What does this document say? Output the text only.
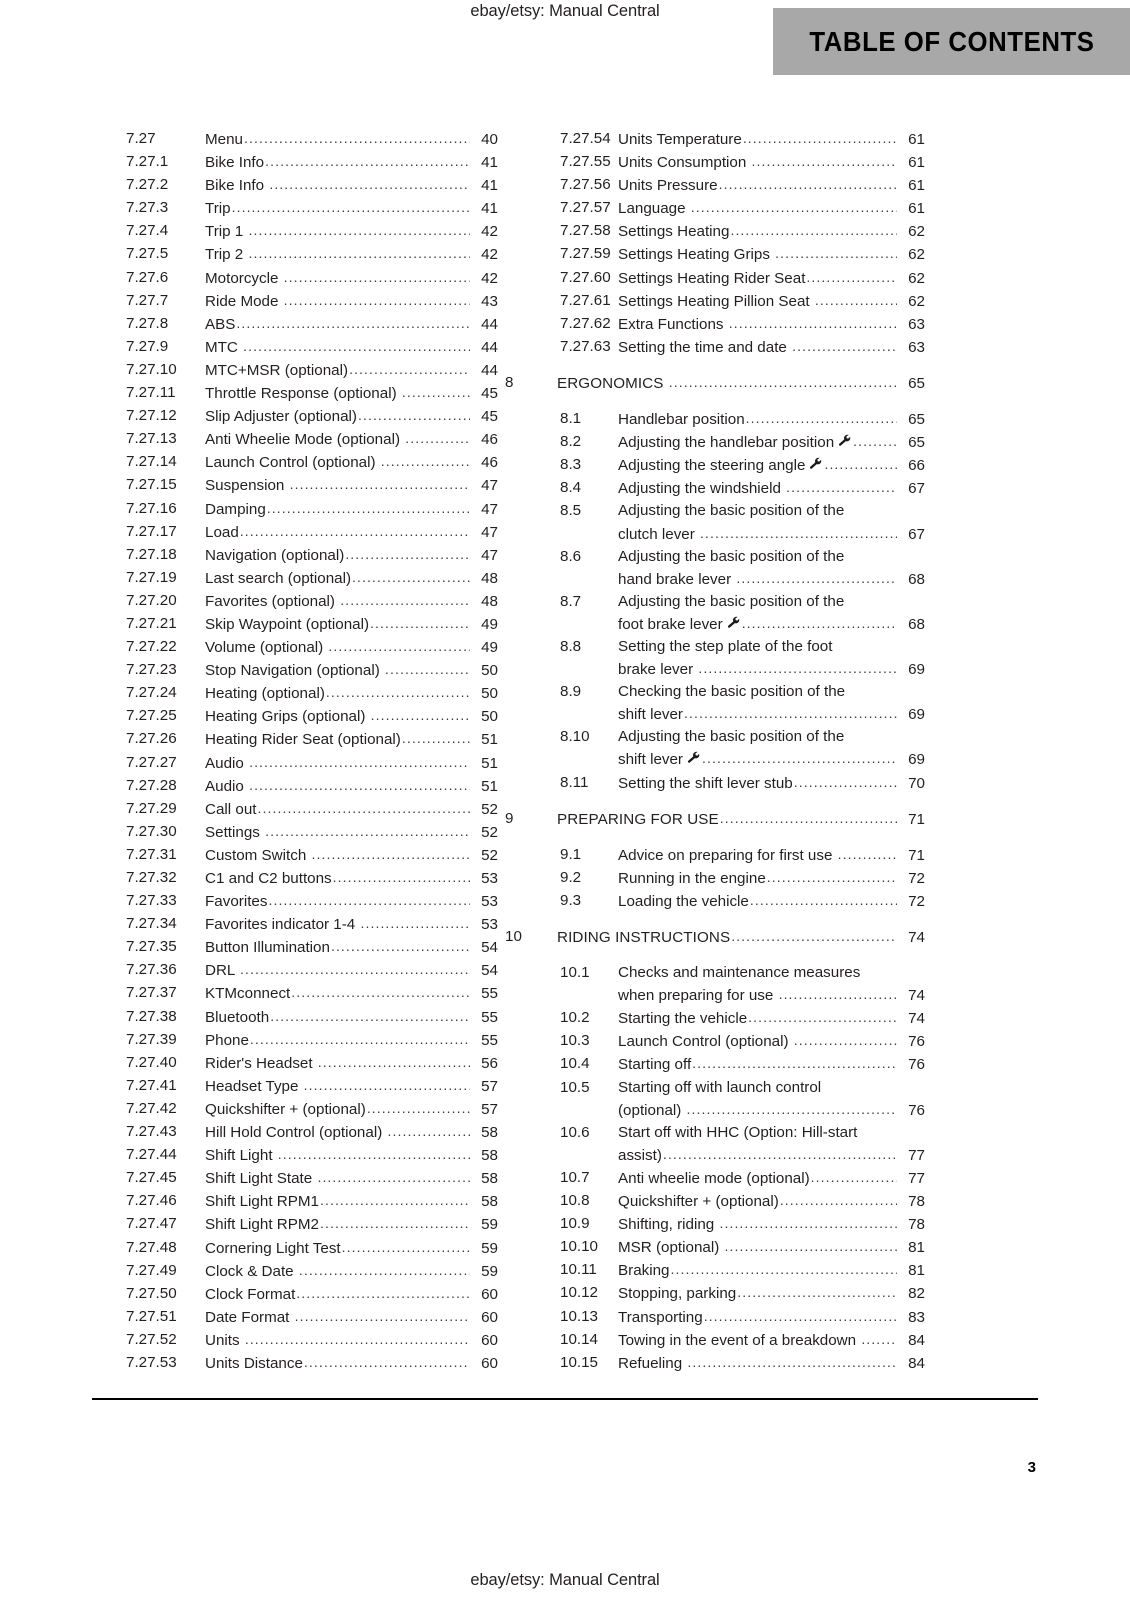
ebay/etsy: Manual Central
TABLE OF CONTENTS
7.27	Menu .....	40
7.27.1	Bike Info .....	41
7.27.2	Bike Info .....	41
7.27.3	Trip .....	41
7.27.4	Trip 1 .....	42
7.27.5	Trip 2 .....	42
7.27.6	Motorcycle .....	42
7.27.7	Ride Mode .....	43
7.27.8	ABS .....	44
7.27.9	MTC .....	44
7.27.10	MTC+MSR (optional) .....	44
7.27.11	Throttle Response (optional) .....	45
7.27.12	Slip Adjuster (optional) .....	45
7.27.13	Anti Wheelie Mode (optional) .....	46
7.27.14	Launch Control (optional) .....	46
7.27.15	Suspension .....	47
7.27.16	Damping .....	47
7.27.17	Load .....	47
7.27.18	Navigation (optional) .....	47
7.27.19	Last search (optional) .....	48
7.27.20	Favorites (optional) .....	48
7.27.21	Skip Waypoint (optional) .....	49
7.27.22	Volume (optional) .....	49
7.27.23	Stop Navigation (optional) .....	50
7.27.24	Heating (optional) .....	50
7.27.25	Heating Grips (optional) .....	50
7.27.26	Heating Rider Seat (optional) .....	51
7.27.27	Audio .....	51
7.27.28	Audio .....	51
7.27.29	Call out .....	52
7.27.30	Settings .....	52
7.27.31	Custom Switch .....	52
7.27.32	C1 and C2 buttons .....	53
7.27.33	Favorites .....	53
7.27.34	Favorites indicator 1-4 .....	53
7.27.35	Button Illumination .....	54
7.27.36	DRL .....	54
7.27.37	KTMconnect .....	55
7.27.38	Bluetooth .....	55
7.27.39	Phone .....	55
7.27.40	Rider's Headset .....	56
7.27.41	Headset Type .....	57
7.27.42	Quickshifter + (optional) .....	57
7.27.43	Hill Hold Control (optional) .....	58
7.27.44	Shift Light .....	58
7.27.45	Shift Light State .....	58
7.27.46	Shift Light RPM1 .....	58
7.27.47	Shift Light RPM2 .....	59
7.27.48	Cornering Light Test .....	59
7.27.49	Clock & Date .....	59
7.27.50	Clock Format .....	60
7.27.51	Date Format .....	60
7.27.52	Units .....	60
7.27.53	Units Distance .....	60
7.27.54 Units Temperature .....	61
7.27.55 Units Consumption .....	61
7.27.56 Units Pressure .....	61
7.27.57 Language .....	61
7.27.58 Settings Heating .....	62
7.27.59 Settings Heating Grips .....	62
7.27.60 Settings Heating Rider Seat .....	62
7.27.61 Settings Heating Pillion Seat .....	62
7.27.62 Extra Functions .....	63
7.27.63 Setting the time and date .....	63
8	ERGONOMICS .....	65
8.1	Handlebar position .....	65
8.2	Adjusting the handlebar position .....	65
8.3	Adjusting the steering angle .....	66
8.4	Adjusting the windshield .....	67
8.5	Adjusting the basic position of the
clutch lever .....	67
8.6	Adjusting the basic position of the
hand brake lever .....	68
8.7	Adjusting the basic position of the
foot brake lever .....	68
8.8	Setting the step plate of the foot
brake lever .....	69
8.9	Checking the basic position of the
shift lever .....	69
8.10	Adjusting the basic position of the
shift lever .....	69
8.11	Setting the shift lever stub .....	70
9	PREPARING FOR USE .....	71
9.1	Advice on preparing for first use .....	71
9.2	Running in the engine .....	72
9.3	Loading the vehicle .....	72
10	RIDING INSTRUCTIONS .....	74
10.1	Checks and maintenance measures
when preparing for use .....	74
10.2	Starting the vehicle .....	74
10.3	Launch Control (optional) .....	76
10.4	Starting off .....	76
10.5	Starting off with launch control
(optional) .....	76
10.6	Start off with HHC (Option: Hill-start
assist) .....	77
10.7	Anti wheelie mode (optional) .....	77
10.8	Quickshifter + (optional) .....	78
10.9	Shifting, riding .....	78
10.10	MSR (optional) .....	81
10.11	Braking .....	81
10.12	Stopping, parking .....	82
10.13	Transporting .....	83
10.14	Towing in the event of a breakdown .....	84
10.15	Refueling .....	84
3
ebay/etsy: Manual Central
